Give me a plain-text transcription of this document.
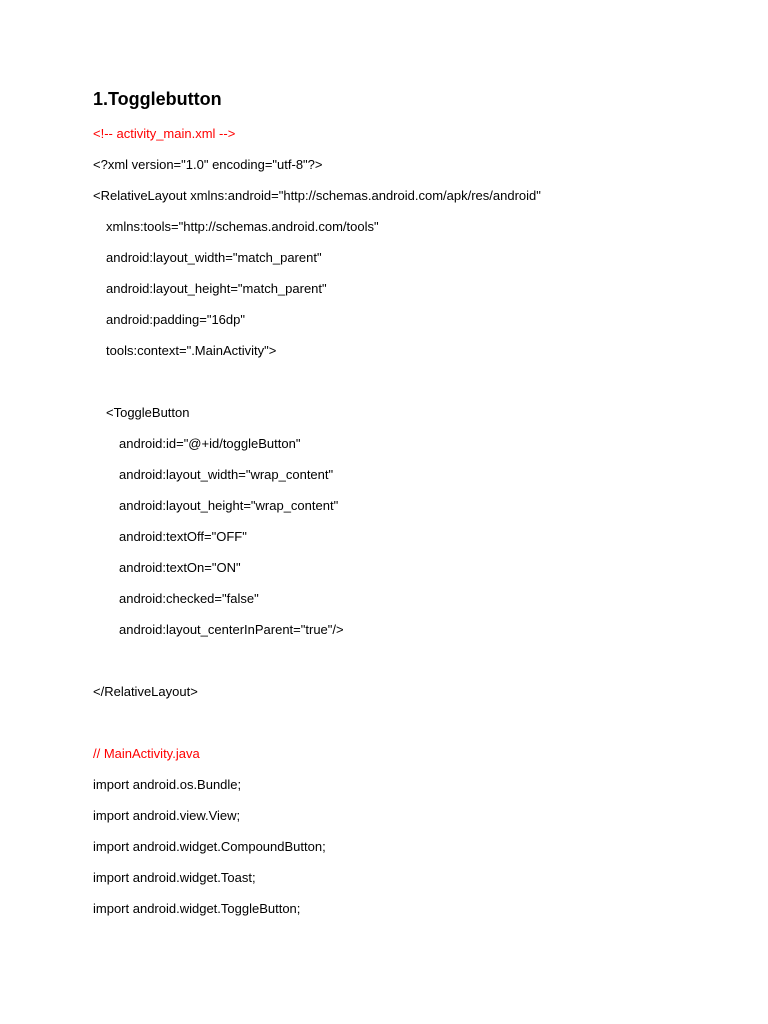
1.Togglebutton
<!-- activity_main.xml -->
<?xml version="1.0" encoding="utf-8"?>
<RelativeLayout xmlns:android="http://schemas.android.com/apk/res/android"
xmlns:tools="http://schemas.android.com/tools"
android:layout_width="match_parent"
android:layout_height="match_parent"
android:padding="16dp"
tools:context=".MainActivity">
<ToggleButton
android:id="@+id/toggleButton"
android:layout_width="wrap_content"
android:layout_height="wrap_content"
android:textOff="OFF"
android:textOn="ON"
android:checked="false"
android:layout_centerInParent="true"/>
</RelativeLayout>
// MainActivity.java
import android.os.Bundle;
import android.view.View;
import android.widget.CompoundButton;
import android.widget.Toast;
import android.widget.ToggleButton;
